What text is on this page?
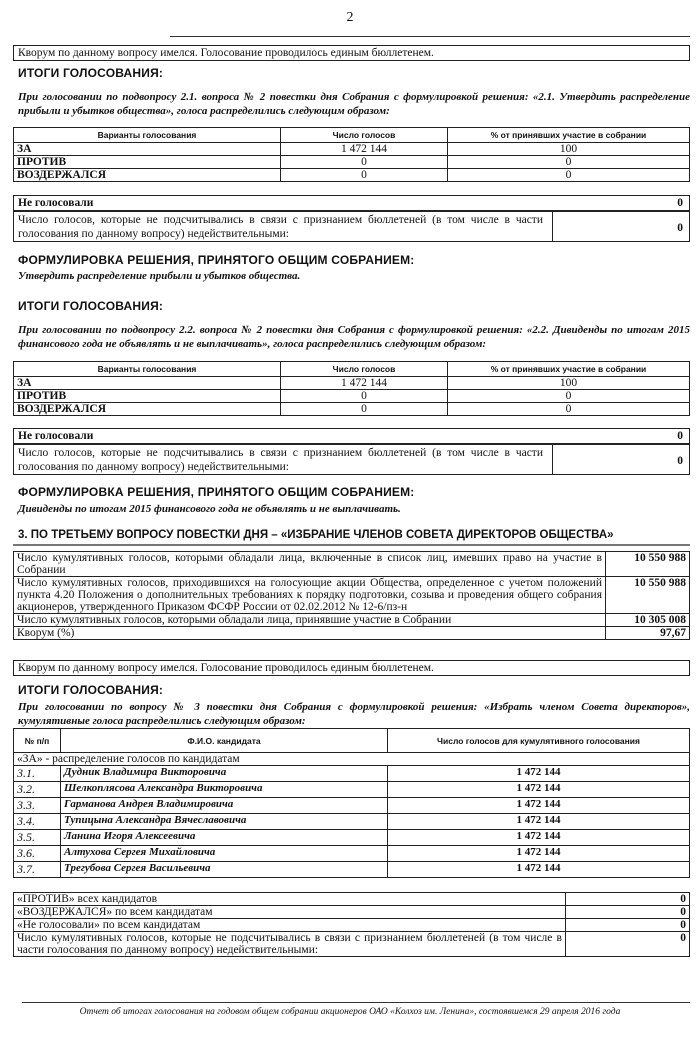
2
Кворум по данному вопросу имелся. Голосование проводилось единым бюллетенем.
ИТОГИ ГОЛОСОВАНИЯ:
При голосовании по подвопросу 2.1. вопроса № 2 повестки дня Собрания с формулировкой решения: «2.1. Утвердить распределение прибыли и убытков общества», голоса распределились следующим образом:
Варианты голосования	Число голосов	% от принявших участие в собрании
ЗА	1 472 144	100
ПРОТИВ	0	0
ВОЗДЕРЖАЛСЯ	0	0
Не голосовали	0
Число голосов, которые не подсчитывались в связи с признанием бюллетеней (в том числе в части голосования по данному вопросу) недействительными:	0
ФОРМУЛИРОВКА РЕШЕНИЯ, ПРИНЯТОГО ОБЩИМ СОБРАНИЕМ:
Утвердить распределение прибыли и убытков общества.
ИТОГИ ГОЛОСОВАНИЯ:
При голосовании по подвопросу 2.2. вопроса № 2 повестки дня Собрания с формулировкой решения: «2.2. Дивиденды по итогам 2015 финансового года не объявлять и не выплачивать», голоса распределились следующим образом:
Варианты голосования	Число голосов	% от принявших участие в собрании
ЗА	1 472 144	100
ПРОТИВ	0	0
ВОЗДЕРЖАЛСЯ	0	0
Не голосовали	0
Число голосов, которые не подсчитывались в связи с признанием бюллетеней (в том числе в части голосования по данному вопросу) недействительными:	0
ФОРМУЛИРОВКА РЕШЕНИЯ, ПРИНЯТОГО ОБЩИМ СОБРАНИЕМ:
Дивиденды по итогам 2015 финансового года не объявлять и не выплачивать.
3. ПО ТРЕТЬЕМУ ВОПРОСУ ПОВЕСТКИ ДНЯ – «ИЗБРАНИЕ ЧЛЕНОВ СОВЕТА ДИРЕКТОРОВ ОБЩЕСТВА»
Число кумулятивных голосов, которыми обладали лица, включенные в список лиц, имевших право на участие в Собрании	10 550 988
Число кумулятивных голосов, приходившихся на голосующие акции Общества, определенное с учетом положений пункта 4.20 Положения о дополнительных требованиях к порядку подготовки, созыва и проведения общего собрания акционеров, утвержденного Приказом ФСФР России от 02.02.2012 № 12-6/пз-н	10 550 988
Число кумулятивных голосов, которыми обладали лица, принявшие участие в Собрании	10 305 008
Кворум (%)	97,67
Кворум по данному вопросу имелся. Голосование проводилось единым бюллетенем.
ИТОГИ ГОЛОСОВАНИЯ:
При голосовании по вопросу № 3 повестки дня Собрания с формулировкой решения: «Избрать членом Совета директоров», кумулятивные голоса распределились следующим образом:
№ п/п	Ф.И.О. кандидата	Число голосов для кумулятивного голосования
«ЗА» - распределение голосов по кандидатам		
3.1.	Дудник Владимира Викторовича	1 472 144
3.2.	Шелкоплясова Александра Викторовича	1 472 144
3.3.	Гарманова Андрея Владимировича	1 472 144
3.4.	Тупицына Александра Вячеславовича	1 472 144
3.5.	Ланина Игоря Алексеевича	1 472 144
3.6.	Алтухова Сергея Михайловича	1 472 144
3.7.	Трегубова Сергея Васильевича	1 472 144
«ПРОТИВ» всех кандидатов	0
«ВОЗДЕРЖАЛСЯ» по всем кандидатам	0
«Не голосовали» по всем кандидатам	0
Число кумулятивных голосов, которые не подсчитывались в связи с признанием бюллетеней (в том числе в части голосования по данному вопросу) недействительными:	0
Отчет об итогах голосования на годовом общем собрании акционеров ОАО «Колхоз им. Ленина», состоявшемся 29 апреля 2016 года
